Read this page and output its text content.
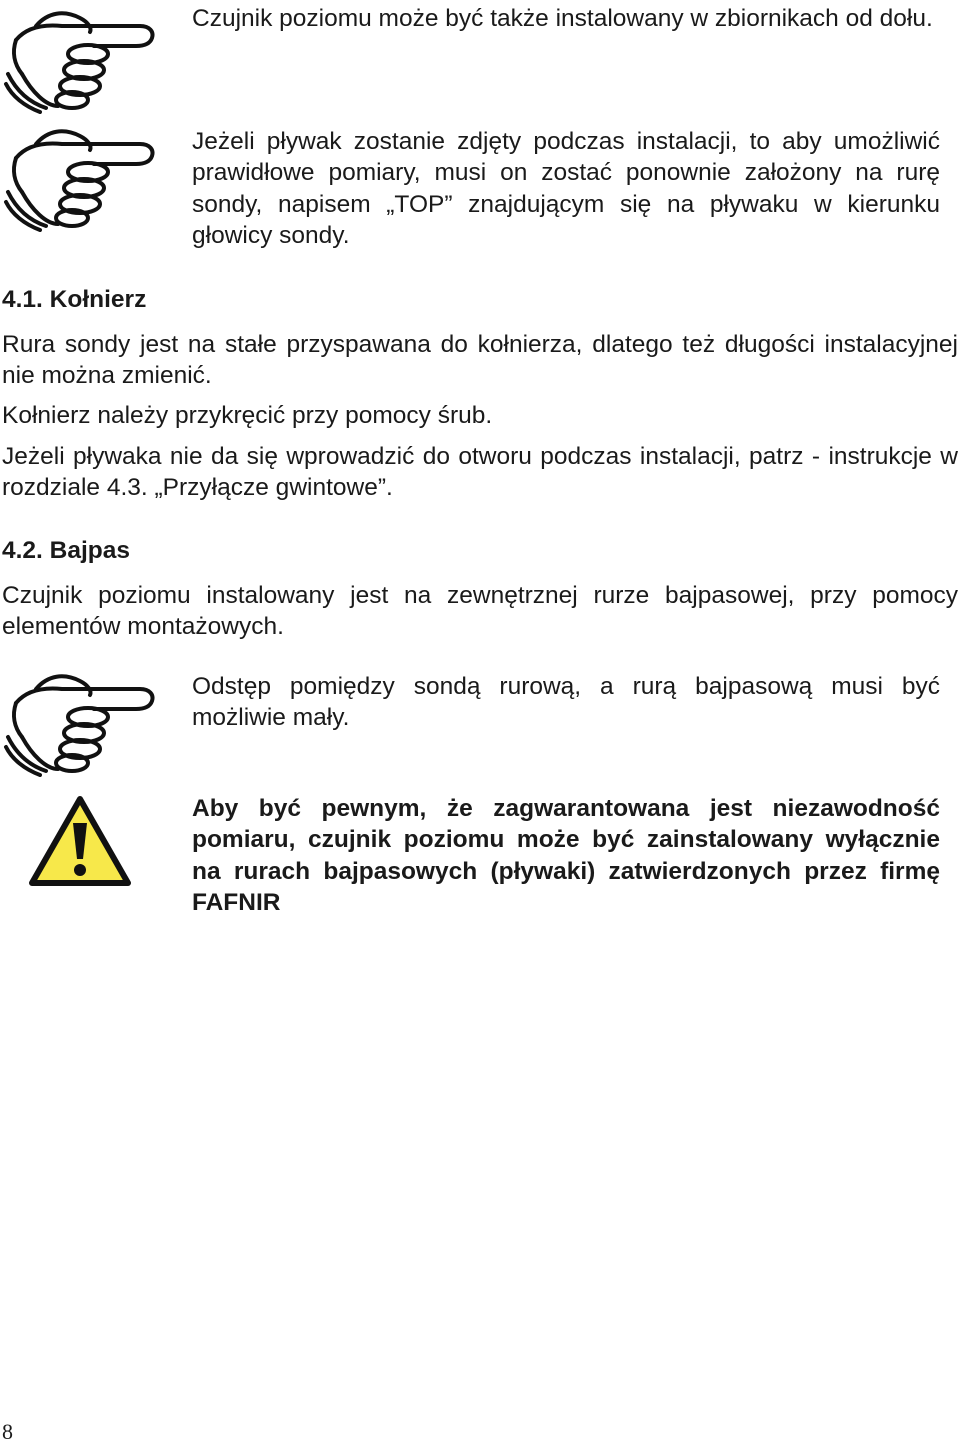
Czujnik poziomu może być także instalowany w zbiornikach od dołu.
Jeżeli pływak zostanie zdjęty podczas instalacji, to aby umożliwić prawidłowe pomiary, musi on zostać ponownie założony na rurę sondy, napisem „TOP” znajdującym się na pływaku w kierunku głowicy sondy.
4.1. Kołnierz
Rura sondy jest na stałe przyspawana do kołnierza, dlatego też długości instalacyjnej nie można zmienić.
Kołnierz należy przykręcić przy pomocy śrub.
Jeżeli pływaka nie da się wprowadzić do otworu podczas instalacji, patrz - instrukcje w rozdziale 4.3. „Przyłącze gwintowe”.
4.2. Bajpas
Czujnik poziomu instalowany jest na zewnętrznej rurze bajpasowej, przy pomocy elementów montażowych.
Odstęp pomiędzy sondą rurową, a rurą bajpasową musi być możliwie mały.
Aby być pewnym, że zagwarantowana jest niezawodność pomiaru, czujnik poziomu może być zainstalowany wyłącznie na rurach bajpasowych (pływaki) zatwierdzonych przez firmę FAFNIR
8
